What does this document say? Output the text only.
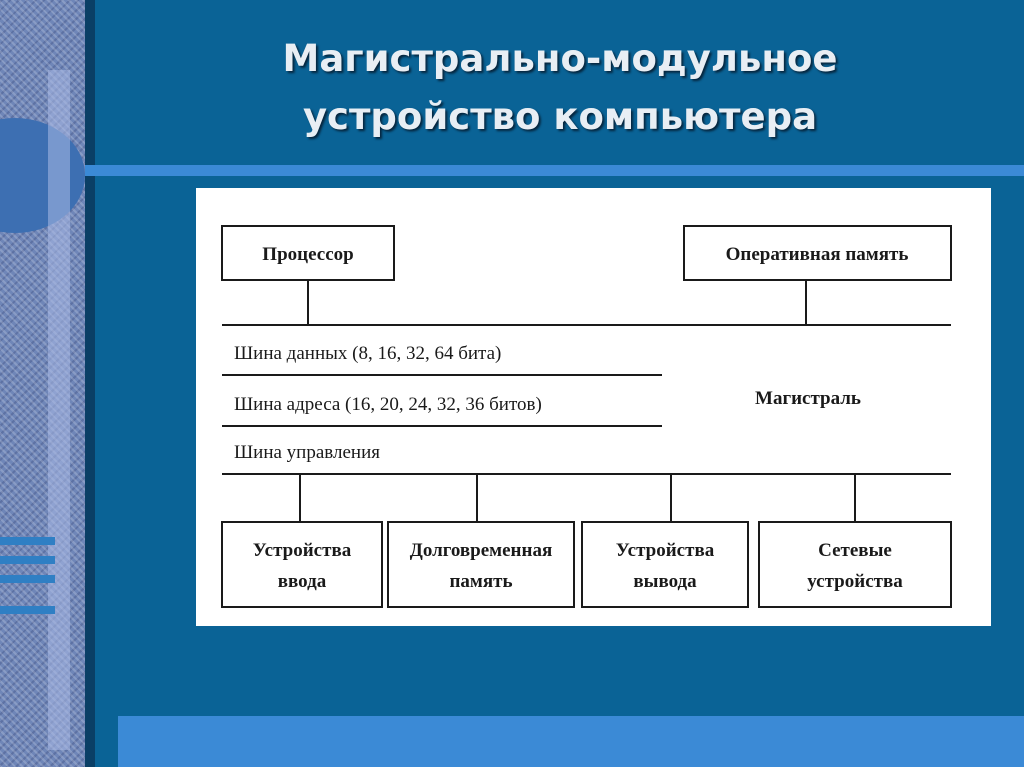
Магистрально-модульное
устройство компьютера
Процессор	Оперативная память
Шина данных (8, 16, 32, 64 бита)
Шина адреса (16, 20, 24, 32, 36 битов)
Шина управления
Магистраль
Устройства
ввода
Долговременная
память
Устройства
вывода
Сетевые
устройства
